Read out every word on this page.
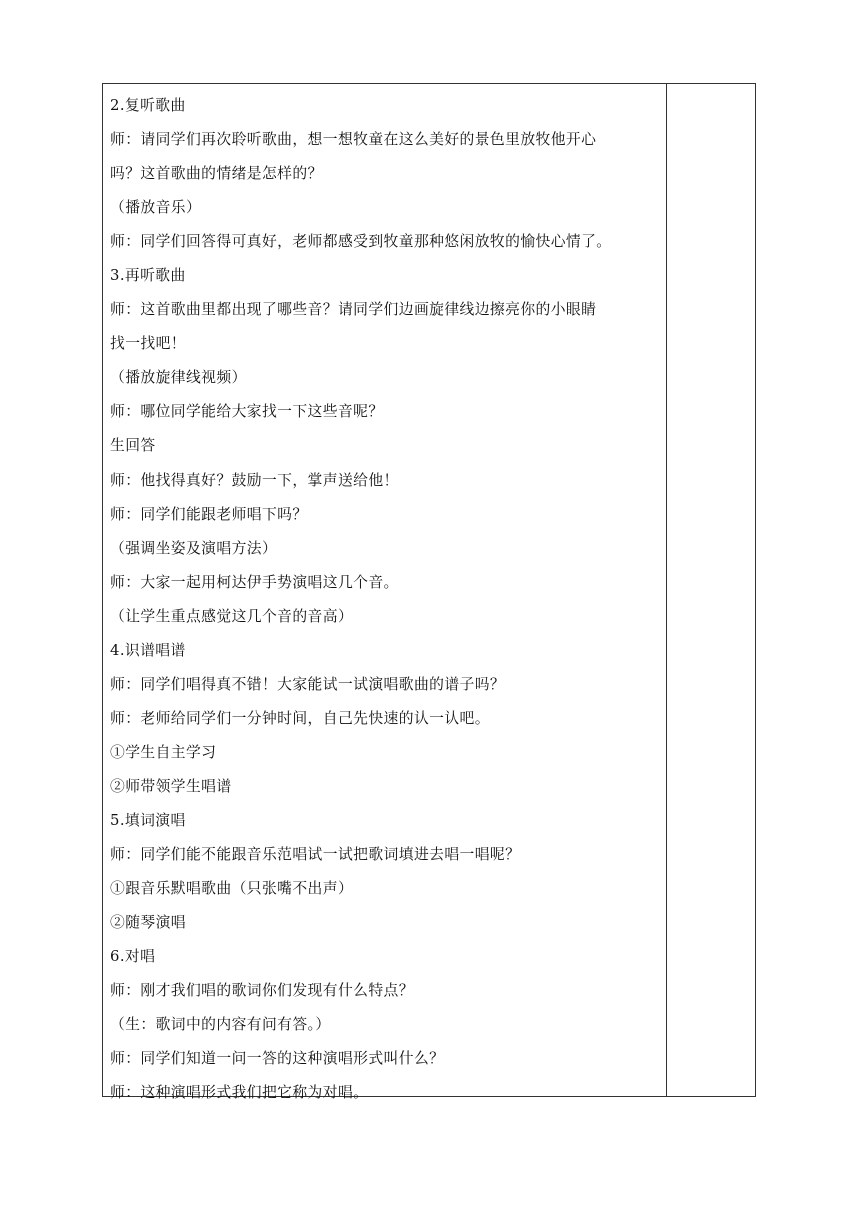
2.复听歌曲
师：请同学们再次聆听歌曲，想一想牧童在这么美好的景色里放牧他开心
吗？这首歌曲的情绪是怎样的？
（播放音乐）
师：同学们回答得可真好，老师都感受到牧童那种悠闲放牧的愉快心情了。
3.再听歌曲
师：这首歌曲里都出现了哪些音？请同学们边画旋律线边擦亮你的小眼睛
找一找吧！
（播放旋律线视频）
师：哪位同学能给大家找一下这些音呢？
生回答
师：他找得真好？鼓励一下，掌声送给他！
师：同学们能跟老师唱下吗？
（强调坐姿及演唱方法）
师：大家一起用柯达伊手势演唱这几个音。
（让学生重点感觉这几个音的音高）
4.识谱唱谱
师：同学们唱得真不错！大家能试一试演唱歌曲的谱子吗？
师：老师给同学们一分钟时间，自己先快速的认一认吧。
①学生自主学习
②师带领学生唱谱
5.填词演唱
师：同学们能不能跟音乐范唱试一试把歌词填进去唱一唱呢？
①跟音乐默唱歌曲（只张嘴不出声）
②随琴演唱
6.对唱
师：刚才我们唱的歌词你们发现有什么特点？
（生：歌词中的内容有问有答。）
师：同学们知道一问一答的这种演唱形式叫什么？
师：这种演唱形式我们把它称为对唱。
